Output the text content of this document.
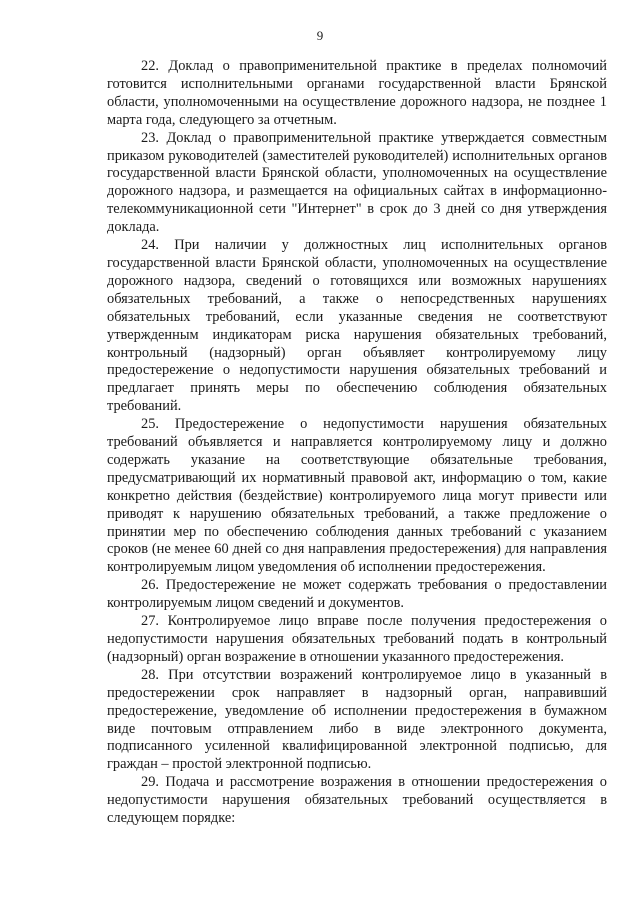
9

22. Доклад о правоприменительной практике в пределах полномочий готовится исполнительными органами государственной власти Брянской области, уполномоченными на осуществление дорожного надзора, не позднее 1 марта года, следующего за отчетным.

23. Доклад о правоприменительной практике утверждается совместным приказом руководителей (заместителей руководителей) исполнительных органов государственной власти Брянской области, уполномоченных на осуществление дорожного надзора, и размещается на официальных сайтах в информационно-телекоммуникационной сети "Интернет" в срок до 3 дней со дня утверждения доклада.

24. При наличии у должностных лиц исполнительных органов государственной власти Брянской области, уполномоченных на осуществление дорожного надзора, сведений о готовящихся или возможных нарушениях обязательных требований, а также о непосредственных нарушениях обязательных требований, если указанные сведения не соответствуют утвержденным индикаторам риска нарушения обязательных требований, контрольный (надзорный) орган объявляет контролируемому лицу предостережение о недопустимости нарушения обязательных требований и предлагает принять меры по обеспечению соблюдения обязательных требований.

25. Предостережение о недопустимости нарушения обязательных требований объявляется и направляется контролируемому лицу и должно содержать указание на соответствующие обязательные требования, предусматривающий их нормативный правовой акт, информацию о том, какие конкретно действия (бездействие) контролируемого лица могут привести или приводят к нарушению обязательных требований, а также предложение о принятии мер по обеспечению соблюдения данных требований с указанием сроков (не менее 60 дней со дня направления предостережения) для направления контролируемым лицом уведомления об исполнении предостережения.

26. Предостережение не может содержать требования о предоставлении контролируемым лицом сведений и документов.

27. Контролируемое лицо вправе после получения предостережения о недопустимости нарушения обязательных требований подать в контрольный (надзорный) орган возражение в отношении указанного предостережения.

28. При отсутствии возражений контролируемое лицо в указанный в предостережении срок направляет в надзорный орган, направивший предостережение, уведомление об исполнении предостережения в бумажном виде почтовым отправлением либо в виде электронного документа, подписанного усиленной квалифицированной электронной подписью, для граждан – простой электронной подписью.

29. Подача и рассмотрение возражения в отношении предостережения о недопустимости нарушения обязательных требований осуществляется в следующем порядке:
